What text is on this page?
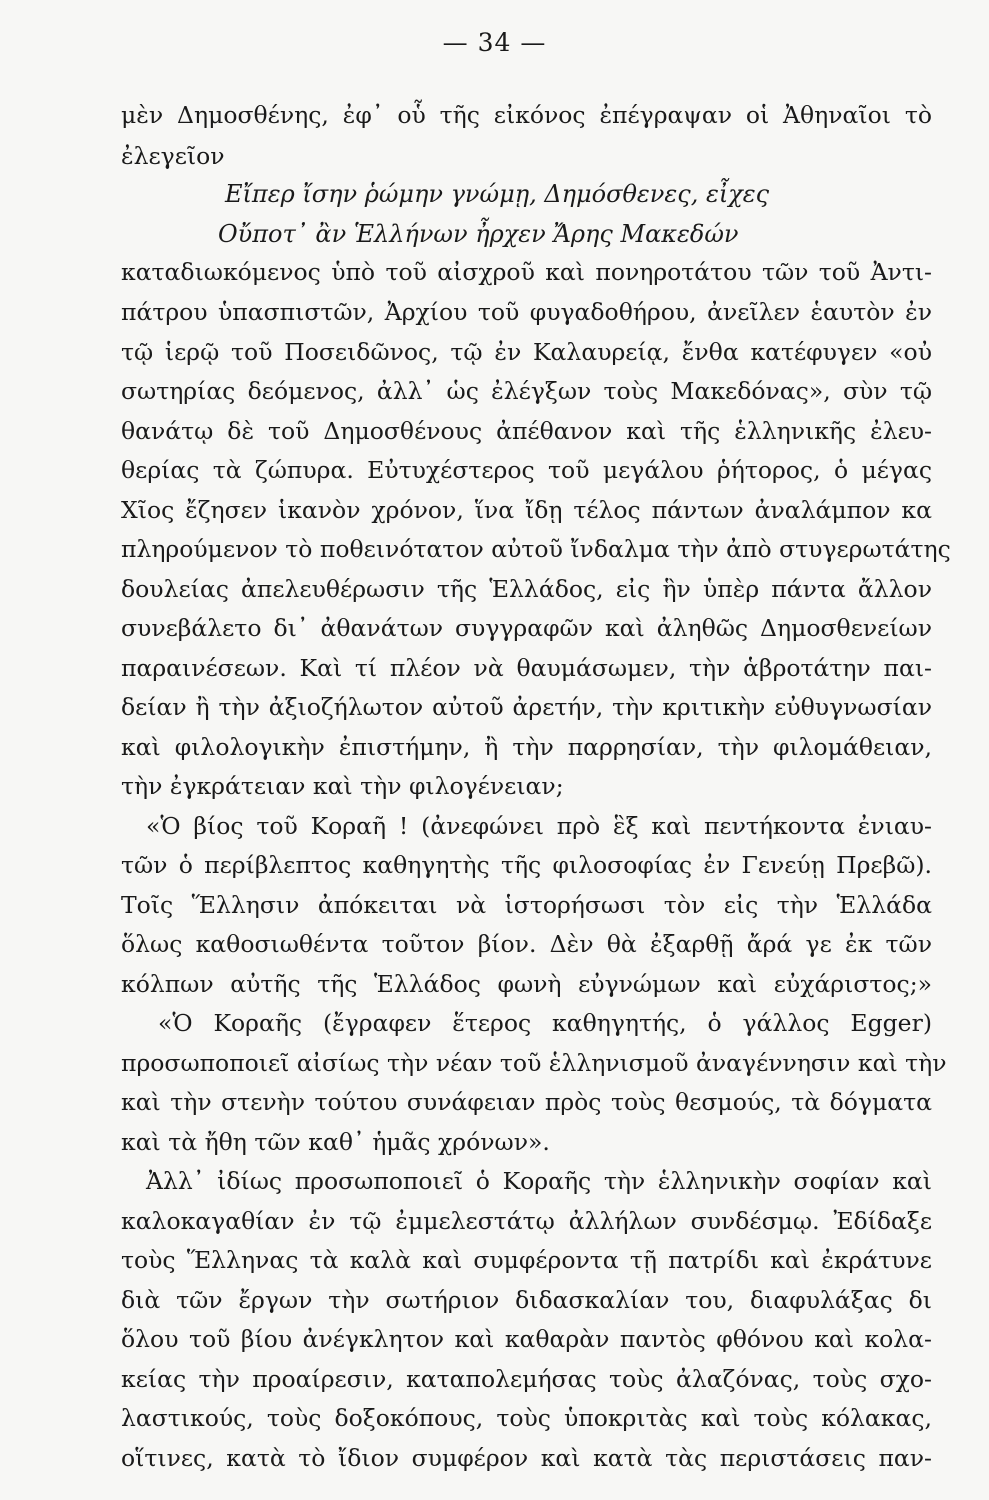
— 34 —
μὲν Δημοσθένης, ἐφ᾽ οὗ τῆς εἰκόνος ἐπέγραψαν οἱ Ἀθηναῖοι τὸ
ἐλεγεῖον
Εἴπερ ἴσην ῥώμην γνώμῃ, Δημόσθενες, εἶχες
Οὔποτ᾽ ἂν Ἑλλήνων ἦρχεν Ἄρης Μακεδών
καταδιωκόμενος ὑπὸ τοῦ αἰσχροῦ καὶ πονηροτάτου τῶν τοῦ Ἀντι-
πάτρου ὑπασπιστῶν, Ἀρχίου τοῦ φυγαδοθήρου, ἀνεῖλεν ἑαυτὸν ἐν
τῷ ἱερῷ τοῦ Ποσειδῶνος, τῷ ἐν Καλαυρείᾳ, ἔνθα κατέφυγεν «οὐ
σωτηρίας δεόμενος, ἀλλ᾽ ὡς ἐλέγξων τοὺς Μακεδόνας», σὺν τῷ
θανάτῳ δὲ τοῦ Δημοσθένους ἀπέθανον καὶ τῆς ἑλληνικῆς ἐλευ-
θερίας τὰ ζώπυρα. Εὐτυχέστερος τοῦ μεγάλου ῥήτορος, ὁ μέγας
Χῖος ἔζησεν ἱκανὸν χρόνον, ἵνα ἴδῃ τέλος πάντων ἀναλάμπον κα
πληρούμενον τὸ ποθεινότατον αὐτοῦ ἴνδαλμα τὴν ἀπὸ στυγερωτάτης
δουλείας ἀπελευθέρωσιν τῆς Ἑλλάδος, εἰς ἣν ὑπὲρ πάντα ἄλλον
συνεβάλετο δι᾽ ἀθανάτων συγγραφῶν καὶ ἀληθῶς Δημοσθενείων
παραινέσεων. Καὶ τί πλέον νὰ θαυμάσωμεν, τὴν ἁβροτάτην παι-
δείαν ἢ τὴν ἀξιοζήλωτον αὐτοῦ ἀρετήν, τὴν κριτικὴν εὐθυγνωσίαν
καὶ φιλολογικὴν ἐπιστήμην, ἢ τὴν παρρησίαν, τὴν φιλομάθειαν,
τὴν ἐγκράτειαν καὶ τὴν φιλογένειαν;
«Ὁ βίος τοῦ Κοραῆ ! (ἀνεφώνει πρὸ ἓξ καὶ πεντήκοντα ἐνιαυ-
τῶν ὁ περίβλεπτος καθηγητὴς τῆς φιλοσοφίας ἐν Γενεύῃ Πρεβῶ).
Τοῖς Ἕλλησιν ἀπόκειται νὰ ἱστορήσωσι τὸν εἰς τὴν Ἑλλάδα
ὅλως καθοσιωθέντα τοῦτον βίον. Δὲν θὰ ἐξαρθῇ ἄρά γε ἐκ τῶν
κόλπων αὐτῆς τῆς Ἑλλάδος φωνὴ εὐγνώμων καὶ εὐχάριστος;»
«Ὁ Κοραῆς (ἔγραφεν ἕτερος καθηγητής, ὁ γάλλος Egger)
προσωποποιεῖ αἰσίως τὴν νέαν τοῦ ἑλληνισμοῦ ἀναγέννησιν καὶ τὴν
καὶ τὴν στενὴν τούτου συνάφειαν πρὸς τοὺς θεσμούς, τὰ δόγματα
καὶ τὰ ἤθη τῶν καθ᾽ ἡμᾶς χρόνων».
Ἀλλ᾽ ἰδίως προσωποποιεῖ ὁ Κοραῆς τὴν ἑλληνικὴν σοφίαν καὶ
καλοκαγαθίαν ἐν τῷ ἐμμελεστάτῳ ἀλλήλων συνδέσμῳ. Ἐδίδαξε
τοὺς Ἕλληνας τὰ καλὰ καὶ συμφέροντα τῇ πατρίδι καὶ ἐκράτυνε
διὰ τῶν ἔργων τὴν σωτήριον διδασκαλίαν του, διαφυλάξας δι
ὅλου τοῦ βίου ἀνέγκλητον καὶ καθαρὰν παντὸς φθόνου καὶ κολα-
κείας τὴν προαίρεσιν, καταπολεμήσας τοὺς ἀλαζόνας, τοὺς σχο-
λαστικούς, τοὺς δοξοκόπους, τοὺς ὑποκριτὰς καὶ τοὺς κόλακας,
οἵτινες, κατὰ τὸ ἴδιον συμφέρον καὶ κατὰ τὰς περιστάσεις παν-
